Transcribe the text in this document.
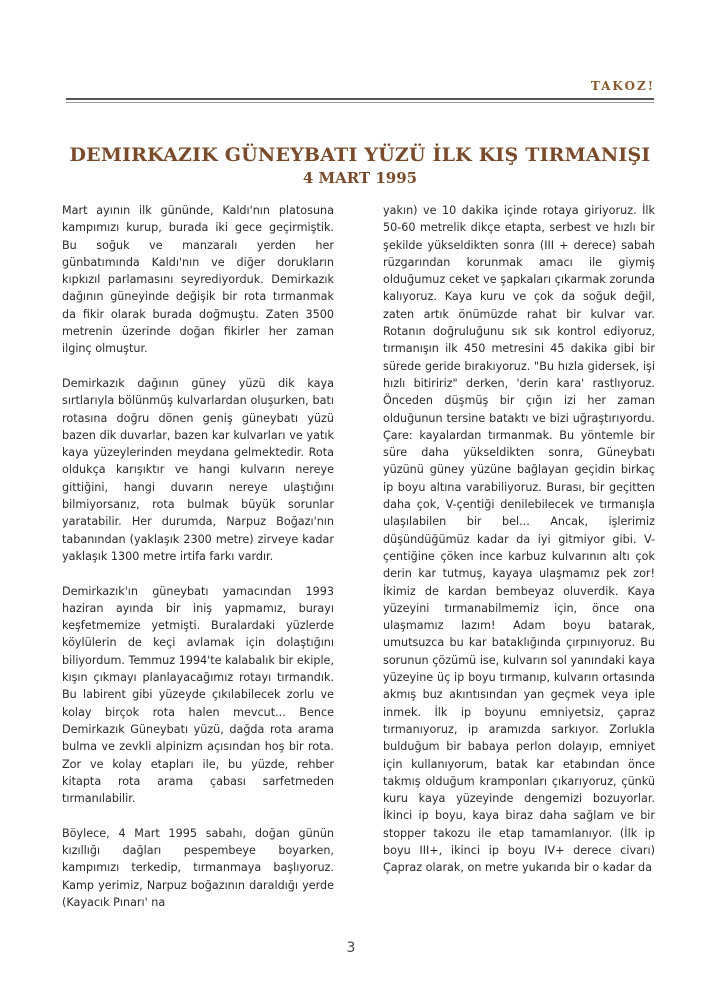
TAKOZ!
DEMIRKAZIK GÜNEYBATI YÜZÜ İLK KIŞ TIRMANIŞI
4 MART 1995

Mart ayının ilk gününde, Kaldı'nın platosuna kampımızı kurup, burada iki gece geçirmiştik. Bu soğuk ve manzaralı yerden her günbatımında Kaldı'nın ve diğer dorukların kıpkızıl parlamasını seyrediyorduk. Demirkazık dağının güneyinde değişik bir rota tırmanmak da fikir olarak burada doğmuştu. Zaten 3500 metrenin üzerinde doğan fikirler her zaman ilginç olmuştur.

Demirkazık dağının güney yüzü dik kaya sırtlarıyla bölünmüş kulvarlardan oluşurken, batı rotasına doğru dönen geniş güneybatı yüzü bazen dik duvarlar, bazen kar kulvarları ve yatık kaya yüzeylerinden meydana gelmektedir. Rota oldukça karışıktır ve hangi kulvarın nereye gittiğini, hangi duvarın nereye ulaştığını bilmiyorsanız, rota bulmak büyük sorunlar yaratabilir. Her durumda, Narpuz Boğazı'nın tabanından (yaklaşık 2300 metre) zirveye kadar yaklaşık 1300 metre irtifa farkı vardır.

Demirkazık'ın güneybatı yamacından 1993 haziran ayında bir iniş yapmamız, burayı keşfetmemize yetmişti. Buralardaki yüzlerde köylülerin de keçi avlamak için dolaştığını biliyordum. Temmuz 1994'te kalabalık bir ekiple, kışın çıkmayı planlayacağımız rotayı tırmandık. Bu labirent gibi yüzeyde çıkılabilecek zorlu ve kolay birçok rota halen mevcut... Bence Demirkazık Güneybatı yüzü, dağda rota arama bulma ve zevkli alpinizm açısından hoş bir rota. Zor ve kolay etapları ile, bu yüzde, rehber kitapta rota arama çabası sarfetmeden tırmanılabilir.

Böylece, 4 Mart 1995 sabahı, doğan günün kızıllığı dağları pespembeye boyarken, kampımızı terkedip, tırmanmaya başlıyoruz. Kamp yerimiz, Narpuz boğazının daraldığı yerde (Kayacık Pınarı' na

yakın) ve 10 dakika içinde rotaya giriyoruz. İlk 50-60 metrelik dikçe etapta, serbest ve hızlı bir şekilde yükseldikten sonra (III + derece) sabah rüzgarından korunmak amacı ile giymiş olduğumuz ceket ve şapkaları çıkarmak zorunda kalıyoruz. Kaya kuru ve çok da soğuk değil, zaten artık önümüzde rahat bir kulvar var. Rotanın doğruluğunu sık sık kontrol ediyoruz, tırmanışın ilk 450 metresini 45 dakika gibi bir sürede geride bırakıyoruz. "Bu hızla gidersek, işi hızlı bitiririz" derken, 'derin kara' rastlıyoruz. Önceden düşmüş bir çığın izi her zaman olduğunun tersine bataktı ve bizi uğraştırıyordu. Çare: kayalardan tırmanmak. Bu yöntemle bir süre daha yükseldikten sonra, Güneybatı yüzünü güney yüzüne bağlayan geçidin birkaç ip boyu altına varabiliyoruz. Burası, bir geçitten daha çok, V-çentiği denilebilecek ve tırmanışla ulaşılabilen bir bel... Ancak, işlerimiz düşündüğümüz kadar da iyi gitmiyor gibi. V-çentiğine çöken ince karbuz kulvarının altı çok derin kar tutmuş, kayaya ulaşmamız pek zor! İkimiz de kardan bembeyaz oluverdik. Kaya yüzeyini tırmanabilmemiz için, önce ona ulaşmamız lazım! Adam boyu batarak, umutsuzca bu kar bataklığında çırpınıyoruz. Bu sorunun çözümü ise, kulvarın sol yanındaki kaya yüzeyine üç ip boyu tırmanıp, kulvarın ortasında akmış buz akıntısından yan geçmek veya iple inmek. İlk ip boyunu emniyetsiz, çapraz tırmanıyoruz, ip aramızda sarkıyor. Zorlukla bulduğum bir babaya perlon dolayıp, emniyet için kullanıyorum, batak kar etabından önce takmış olduğum kramponları çıkarıyoruz, çünkü kuru kaya yüzeyinde dengemizi bozuyorlar. İkinci ip boyu, kaya biraz daha sağlam ve bir stopper takozu ile etap tamamlanıyor. (İlk ip boyu III+, ikinci ip boyu IV+ derece civarı) Çapraz olarak, on metre yukarıda bir o kadar da

3
